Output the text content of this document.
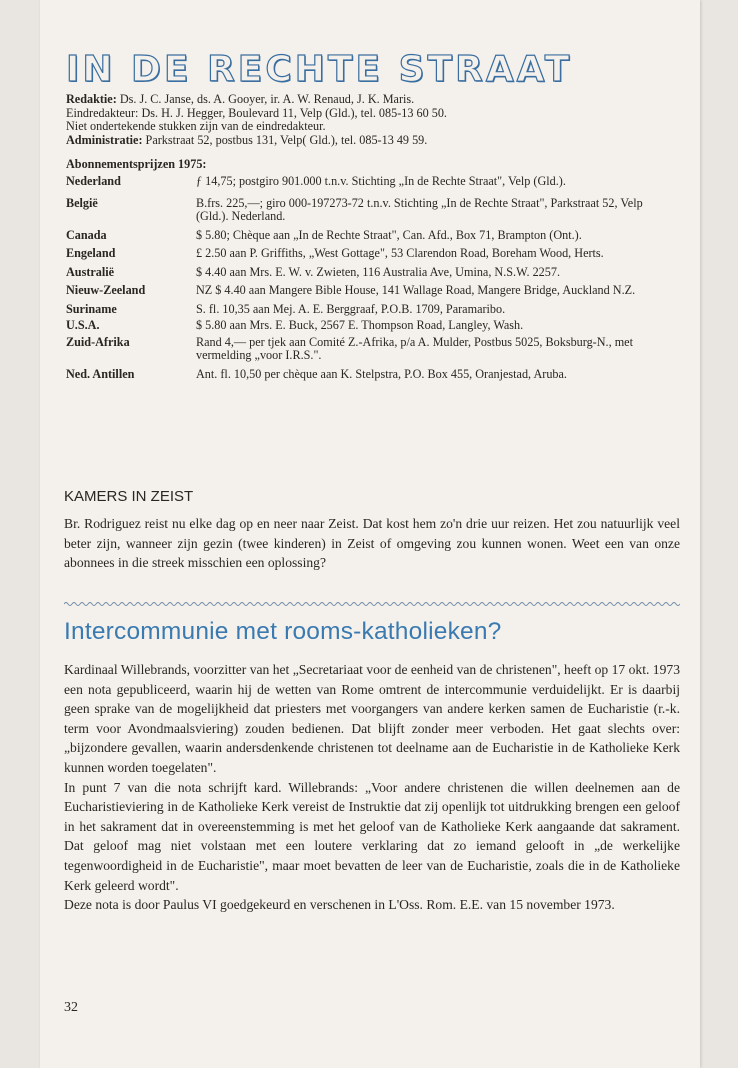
IN DE RECHTE STRAAT

Redaktie: Ds. J. C. Janse, ds. A. Gooyer, ir. A. W. Renaud, J. K. Maris.

Eindredakteur: Ds. H. J. Hegger, Boulevard 11, Velp (Gld.), tel. 085-13 60 50.

Niet ondertekende stukken zijn van de eindredakteur.

Administratie: Parkstraat 52, postbus 131, Velp( Gld.), tel. 085-13 49 59.

Abonnementsprijzen 1975:
Nederland	ƒ 14,75; postgiro 901.000 t.n.v. Stichting „In de Rechte Straat", Velp (Gld.).
België	B.frs. 225,—; giro 000-197273-72 t.n.v. Stichting „In de Rechte Straat", Parkstraat 52, Velp (Gld.). Nederland.
Canada	$ 5.80; Chèque aan „In de Rechte Straat", Can. Afd., Box 71, Brampton (Ont.).
Engeland	£ 2.50 aan P. Griffiths, „West Gottage", 53 Clarendon Road, Boreham Wood, Herts.
Australië	$ 4.40 aan Mrs. E. W. v. Zwieten, 116 Australia Ave, Umina, N.S.W. 2257.
Nieuw-Zeeland	NZ $ 4.40 aan Mangere Bible House, 141 Wallage Road, Mangere Bridge, Auckland N.Z.
Suriname	S. fl. 10,35 aan Mej. A. E. Berggraaf, P.O.B. 1709, Paramaribo.
U.S.A.	$ 5.80 aan Mrs. E. Buck, 2567 E. Thompson Road, Langley, Wash.
Zuid-Afrika	Rand 4,— per tjek aan Comité Z.-Afrika, p/a A. Mulder, Postbus 5025, Boksburg-N., met vermelding „voor I.R.S.".
Ned. Antillen	Ant. fl. 10,50 per chèque aan K. Stelpstra, P.O. Box 455, Oranjestad, Aruba.
KAMERS IN ZEIST
Br. Rodriguez reist nu elke dag op en neer naar Zeist. Dat kost hem zo'n drie uur reizen. Het zou natuurlijk veel beter zijn, wanneer zijn gezin (twee kinderen) in Zeist of omgeving zou kunnen wonen. Weet een van onze abonnees in die streek misschien een oplossing?
Intercommunie met rooms-katholieken?

Kardinaal Willebrands, voorzitter van het „Secretariaat voor de eenheid van de christenen", heeft op 17 okt. 1973 een nota gepubliceerd, waarin hij de wetten van Rome omtrent de intercommunie verduidelijkt. Er is daarbij geen sprake van de mogelijkheid dat priesters met voorgangers van andere kerken samen de Eucharistie (r.-k. term voor Avondmaalsviering) zouden bedienen. Dat blijft zonder meer verboden. Het gaat slechts over: „bijzondere gevallen, waarin andersdenkende christenen tot deelname aan de Eucharistie in de Katholieke Kerk kunnen worden toegelaten".

In punt 7 van die nota schrijft kard. Willebrands: „Voor andere christenen die willen deelnemen aan de Eucharistieviering in de Katholieke Kerk vereist de Instruktie dat zij openlijk tot uitdrukking brengen een geloof in het sakrament dat in overeenstemming is met het geloof van de Katholieke Kerk aangaande dat sakrament. Dat geloof mag niet volstaan met een loutere verklaring dat zo iemand gelooft in „de werkelijke tegenwoordigheid in de Eucharistie", maar moet bevatten de leer van de Eucharistie, zoals die in de Katholieke Kerk geleerd wordt".

Deze nota is door Paulus VI goedgekeurd en verschenen in L'Oss. Rom. E.E. van 15 november 1973.

32
